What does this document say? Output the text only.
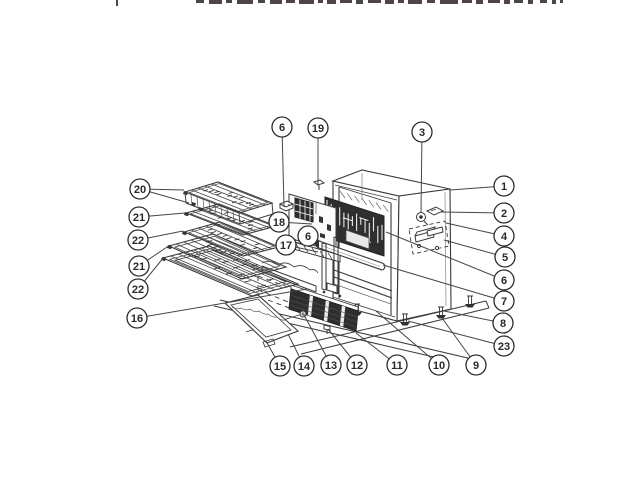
6 19	3
20
21
22
21
22
16
18
6
17
1
2
4
5
6
7
8
23
9
10
11
12
13
14
15
